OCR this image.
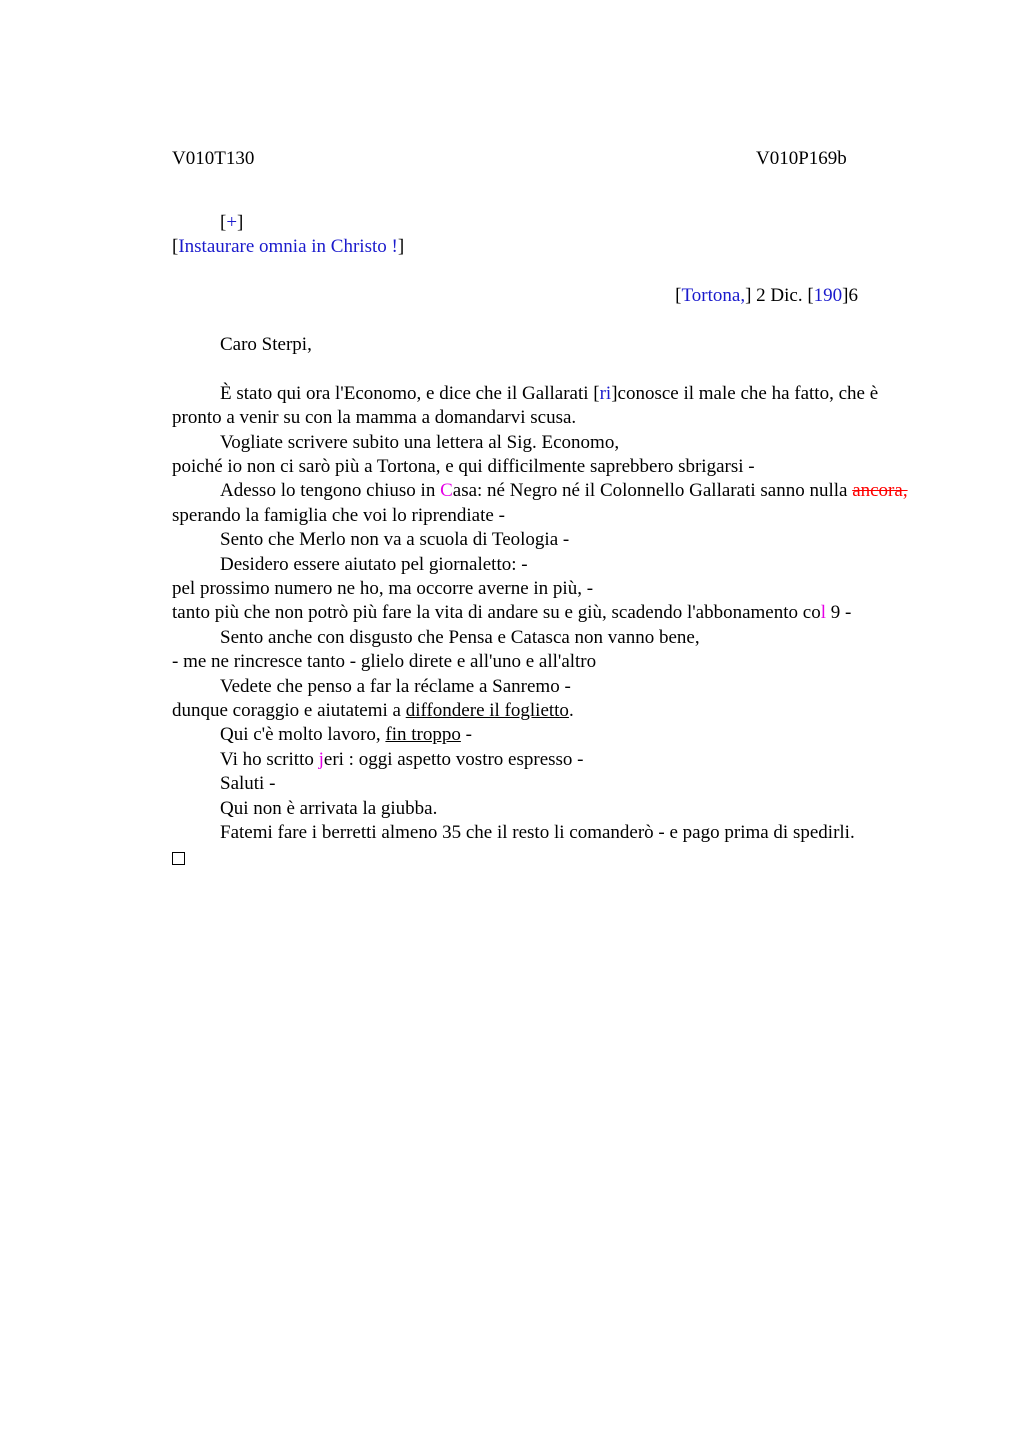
V010T130	V010P169b

[+]

[Instaurare omnia in Christo !]

[Tortona,] 2 Dic. [190]6

Caro Sterpi,

È stato qui ora l'Economo, e dice che il Gallarati [ri]conosce il male che ha fatto, che è pronto a venir su con la mamma a domandarvi scusa.

Vogliate scrivere subito una lettera al Sig. Economo,

poiché io non ci sarò più a Tortona, e qui difficilmente saprebbero sbrigarsi -

Adesso lo tengono chiuso in Casa: né Negro né il Colonnello Gallarati sanno nulla ancora, sperando la famiglia che voi lo riprendiate -

Sento che Merlo non va a scuola di Teologia -

Desidero essere aiutato pel giornaletto: -

pel prossimo numero ne ho, ma occorre averne in più, -

tanto più che non potrò più fare la vita di andare su e giù, scadendo l'abbonamento col 9 -

Sento anche con disgusto che Pensa e Catasca non vanno bene,

- me ne rincresce tanto - glielo direte e all'uno e all'altro

Vedete che penso a far la réclame a Sanremo -

dunque coraggio e aiutatemi a diffondere il foglietto.

Qui c'è molto lavoro, fin troppo -

Vi ho scritto jeri : oggi aspetto vostro espresso -

Saluti -

Qui non è arrivata la giubba.

Fatemi fare i berretti almeno 35 che il resto li comanderò - e pago prima di spedirli.
